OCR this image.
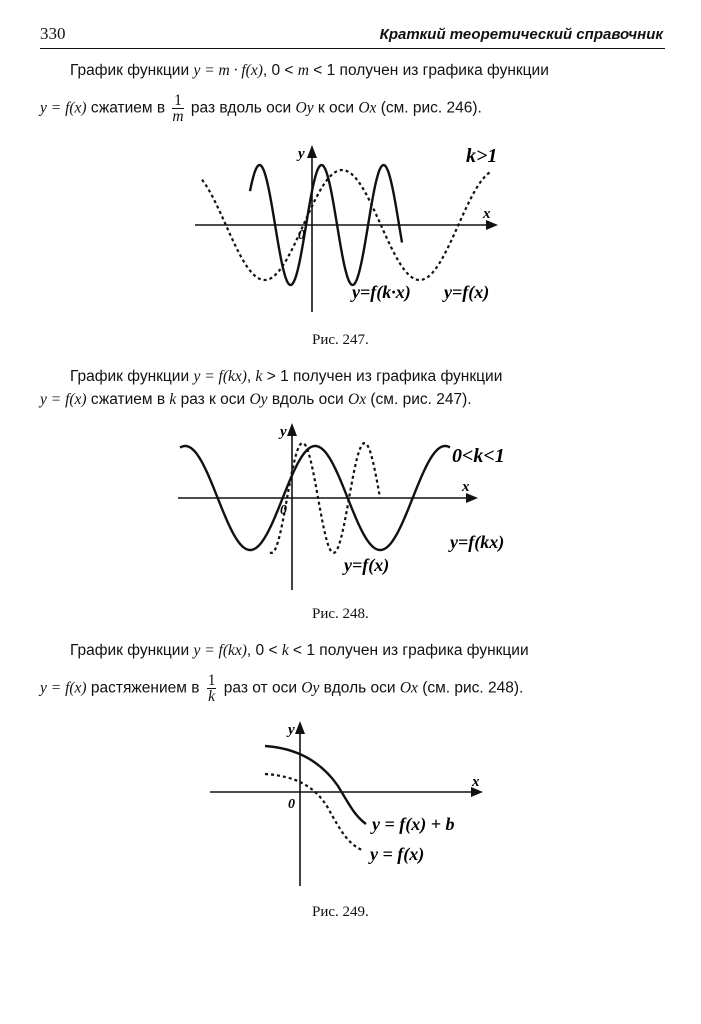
330	Краткий теоретический справочник
График функции y = m · f(x), 0 < m < 1 получен из графика функции
y = f(x) сжатием в $\frac{1}{m}$ раз вдоль оси Oy к оси Ox (см. рис. 246).
y
x
0
k>1
y=f(k·x) y=f(x)
Рис. 247.
График функции y = f(kx), k > 1 получен из графика функции
y = f(x) сжатием в k раз к оси Oy вдоль оси Ox (см. рис. 247).
y
x
0
0<k<1
y=f(kx)
y=f(x)
Рис. 248.
График функции y = f(kx), 0 < k < 1 получен из графика функции
y = f(x) растяжением в $\frac{1}{k}$ раз от оси Oy вдоль оси Ox (см. рис. 248).
y
x
0
y = f(x) + b
y = f(x)
Рис. 249.
